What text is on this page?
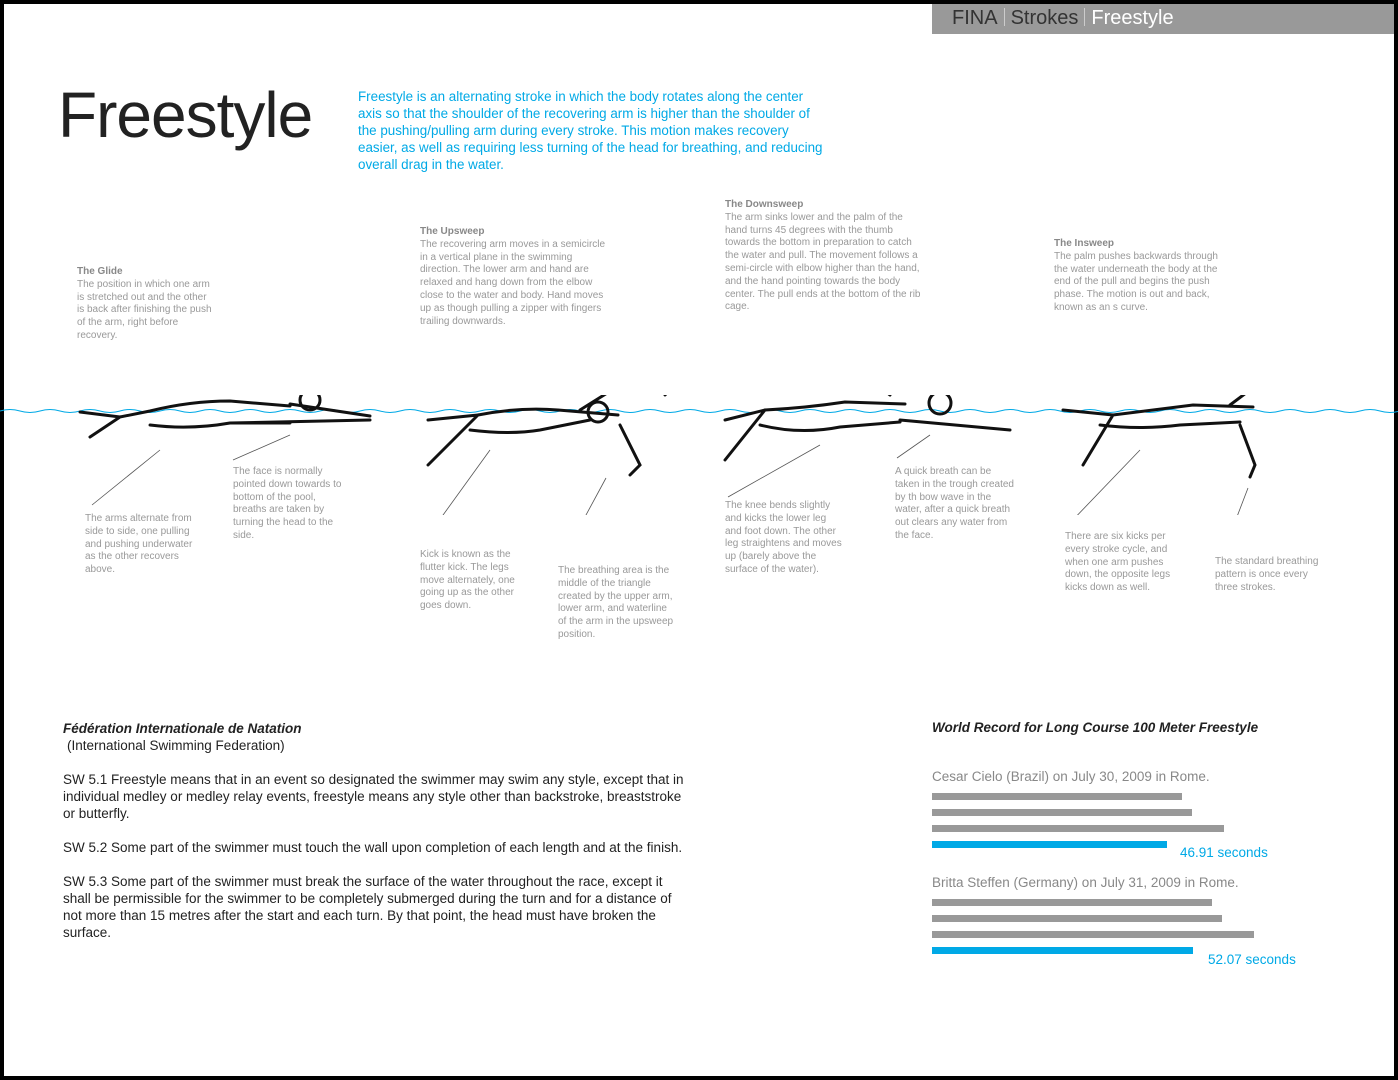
FINA Strokes Freestyle
Freestyle	Freestyle is an alternating stroke in which the body rotates along the center axis so that the shoulder of the recovering arm is higher than the shoulder of the pushing/pulling arm during every stroke. This motion makes recovery easier, as well as requiring less turning of the head for breathing, and reducing overall drag in the water.
The Glide
The position in which one arm is stretched out and the other is back after finishing the push of the arm, right before recovery.
The Upsweep
The recovering arm moves in a semicircle in a vertical plane in the swimming direction. The lower arm and hand are relaxed and hang down from the elbow close to the water and body. Hand moves up as though pulling a zipper with fingers trailing downwards.
The Downsweep
The arm sinks lower and the palm of the hand turns 45 degrees with the thumb towards the bottom in preparation to catch the water and pull. The movement follows a semi-circle with elbow higher than the hand, and the hand pointing towards the body center. The pull ends at the bottom of the rib cage.
The Insweep
The palm pushes backwards through the water underneath the body at the end of the pull and begins the push phase. The motion is out and back, known as an s curve.
The arms alternate from side to side, one pulling and pushing underwater as the other recovers above.
The face is normally pointed down towards to bottom of the pool, breaths are taken by turning the head to the side.
Kick is known as the flutter kick. The legs move alternately, one going up as the other goes down.
The breathing area is the middle of the triangle created by the upper arm, lower arm, and waterline of the arm in the upsweep position.
The knee bends slightly and kicks the lower leg and foot down. The other leg straightens and moves up (barely above the surface of the water).
A quick breath can be taken in the trough created by th bow wave in the water, after a quick breath out clears any water from the face.	There are six kicks per every stroke cycle, and when one arm pushes down, the opposite legs kicks down as well.
The standard breathing pattern is once every three strokes.
Fédération Internationale de Natation
(International Swimming Federation)

SW 5.1 Freestyle means that in an event so designated the swimmer may swim any style, except that in individual medley or medley relay events, freestyle means any style other than backstroke, breaststroke or butterfly.

SW 5.2 Some part of the swimmer must touch the wall upon completion of each length and at the finish.

SW 5.3 Some part of the swimmer must break the surface of the water throughout the race, except it shall be permissible for the swimmer to be completely submerged during the turn and for a distance of not more than 15 metres after the start and each turn. By that point, the head must have broken the surface.

World Record for Long Course 100 Meter Freestyle
Cesar Cielo (Brazil) on July 30, 2009 in Rome.
46.91 seconds
Britta Steffen (Germany) on July 31, 2009 in Rome.
52.07 seconds
